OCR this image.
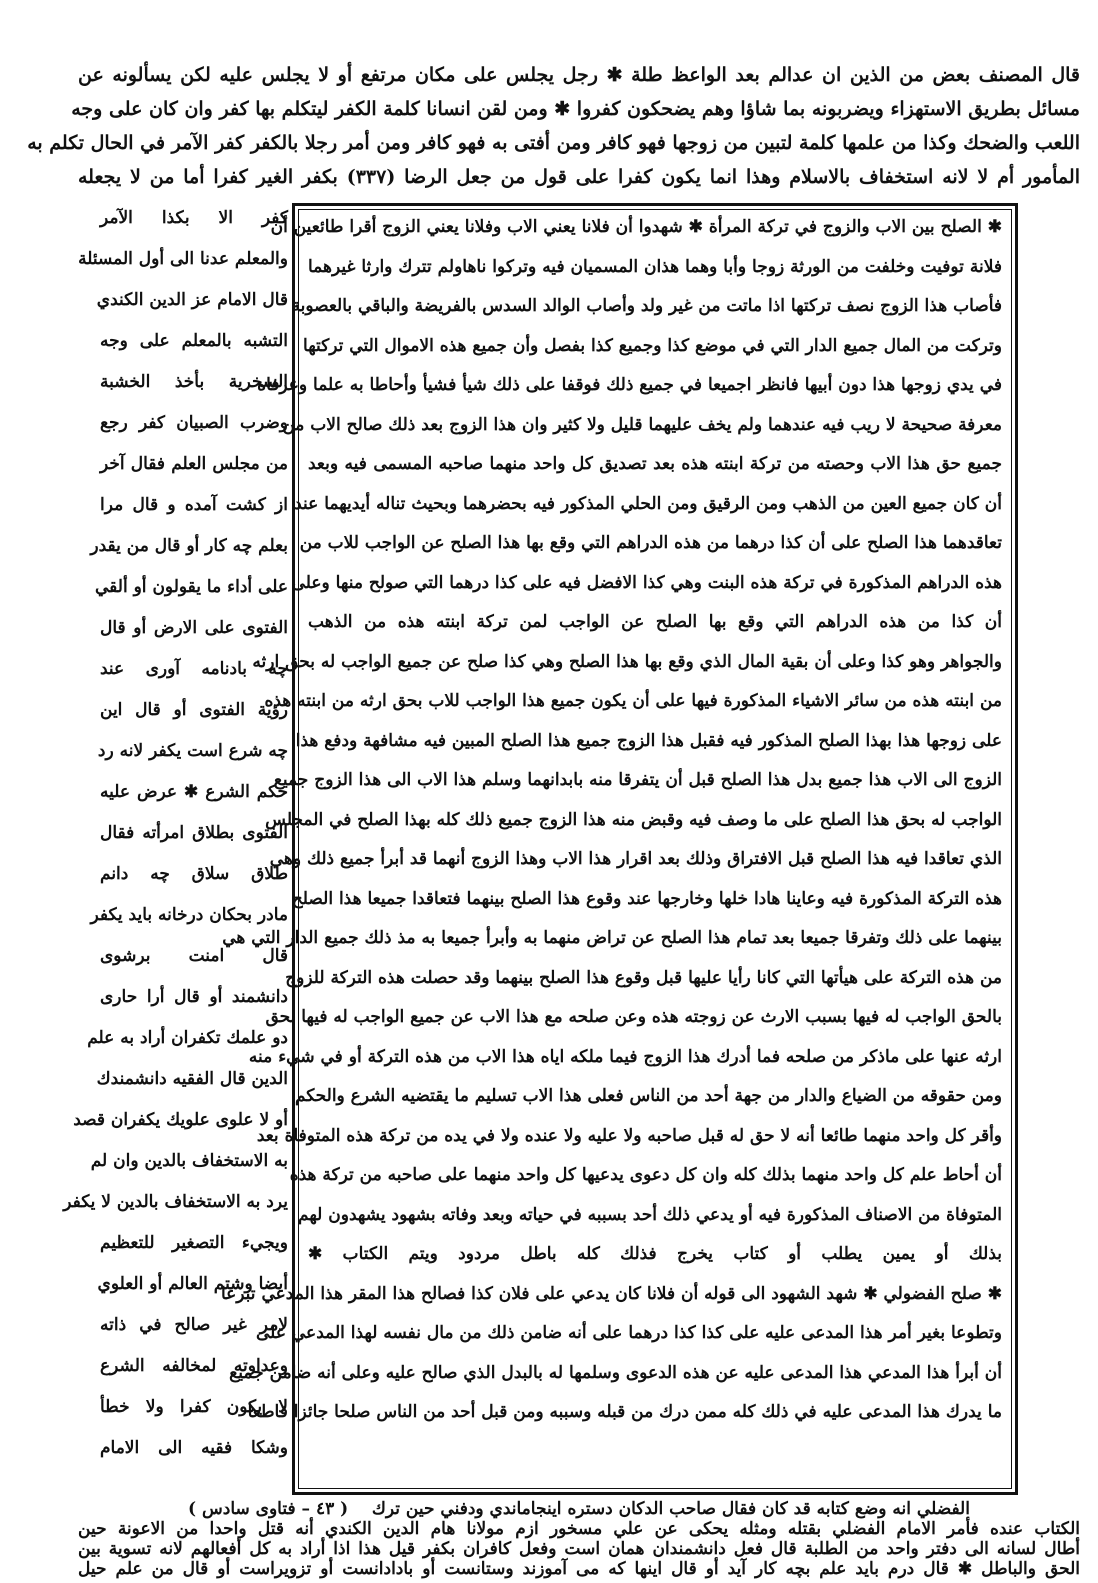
قال المصنف بعض من الذين ان عدالم بعد الواعظ طلة ✱ رجل يجلس على مكان مرتفع أو لا يجلس عليه لكن يسألونه عن
مسائل بطريق الاستهزاء ويضربونه بما شاؤا وهم يضحكون كفروا ✱ ومن لقن انسانا كلمة الكفر ليتكلم بها كفر وان كان على وجه
اللعب والضحك وكذا من علمها كلمة لتبين من زوجها فهو كافر ومن أفتى به فهو كافر ومن أمر رجلا بالكفر كفر الآمر في الحال تكلم به
المأمور أم لا لانه استخفاف بالاسلام وهذا انما يكون كفرا على قول من جعل الرضا (٣٣٧) بكفر الغير كفرا أما من لا يجعله
كفر الا بكذا الآمر
والمعلم عدنا الى أول المسئلة
قال الامام عز الدين الكندي
التشبه بالمعلم على وجه
السخرية بأخذ الخشبة
وضرب الصبيان كفر رجع
من مجلس العلم فقال آخر
از كشت آمده و قال مرا
بعلم چه كار أو قال من يقدر
على أداء ما يقولون أو ألقي
الفتوى على الارض أو قال
چه بادنامه آورى عند
رؤية الفتوى أو قال اين
چه شرع است يكفر لانه رد
حكم الشرع ✱ عرض عليه
الفتوى بطلاق امرأته فقال
طلاق سلاق چه دانم
مادر بحكان درخانه بايد يكفر
قال امنت برشوى
دانشمند أو قال أرا حارى
دو علمك تكفران أراد به علم
الدين قال الفقيه دانشمندك
أو لا علوى علويك يكفران قصد
به الاستخفاف بالدين وان لم
يرد به الاستخفاف بالدين لا يكفر
ويجيء التصغير للتعظيم
أيضا وشتم العالم أو العلوي
لامر غير صالح في ذاته
وعداوته لمخالفه الشرع
لا يكون كفرا ولا خطأ
وشكا فقيه الى الامام
✱ الصلح بين الاب والزوج في تركة المرأة ✱ شهدوا أن فلانا يعني الاب وفلانا يعني الزوج أقرا طائعين أن
فلانة توفيت وخلفت من الورثة زوجا وأبا وهما هذان المسميان فيه وتركوا ناهاولم تترك وارثا غيرهما
فأصاب هذا الزوج نصف تركتها اذا ماتت من غير ولد وأصاب الوالد السدس بالفريضة والباقي بالعصوبة
وتركت من المال جميع الدار التي في موضع كذا وجميع كذا بفصل وأن جميع هذه الاموال التي تركتها
في يدي زوجها هذا دون أبيها فانظر اجميعا في جميع ذلك فوقفا على ذلك شيأ فشيأ وأحاطا به علما وعرفاه
معرفة صحيحة لا ريب فيه عندهما ولم يخف عليهما قليل ولا كثير وان هذا الزوج بعد ذلك صالح الاب من
جميع حق هذا الاب وحصته من تركة ابنته هذه بعد تصديق كل واحد منهما صاحبه المسمى فيه وبعد
أن كان جميع العين من الذهب ومن الرقيق ومن الحلي المذكور فيه بحضرهما وبحيث تناله أيديهما عند
تعاقدهما هذا الصلح على أن كذا درهما من هذه الدراهم التي وقع بها هذا الصلح عن الواجب للاب من
هذه الدراهم المذكورة في تركة هذه البنت وهي كذا الافضل فيه على كذا درهما التي صولح منها وعلى
أن كذا من هذه الدراهم التي وقع بها الصلح عن الواجب لمن تركة ابنته هذه من الذهب
والجواهر وهو كذا وعلى أن بقية المال الذي وقع بها هذا الصلح وهي كذا صلح عن جميع الواجب له بحق ارثه
من ابنته هذه من سائر الاشياء المذكورة فيها على أن يكون جميع هذا الواجب للاب بحق ارثه من ابنته هذه
على زوجها هذا بهذا الصلح المذكور فيه فقبل هذا الزوج جميع هذا الصلح المبين فيه مشافهة ودفع هذا
الزوج الى الاب هذا جميع بدل هذا الصلح قبل أن يتفرقا منه بابدانهما وسلم هذا الاب الى هذا الزوج جميع
الواجب له بحق هذا الصلح على ما وصف فيه وقبض منه هذا الزوج جميع ذلك كله بهذا الصلح في المجلس
الذي تعاقدا فيه هذا الصلح قبل الافتراق وذلك بعد اقرار هذا الاب وهذا الزوج أنهما قد أبرأ جميع ذلك وهي
هذه التركة المذكورة فيه وعاينا هادا خلها وخارجها عند وقوع هذا الصلح بينهما فتعاقدا جميعا هذا الصلح
بينهما على ذلك وتفرقا جميعا بعد تمام هذا الصلح عن تراض منهما به وأبرأ جميعا به مذ ذلك جميع الدار التي هي
من هذه التركة على هيأتها التي كانا رأيا عليها قبل وقوع هذا الصلح بينهما وقد حصلت هذه التركة للزوج
بالحق الواجب له فيها بسبب الارث عن زوجته هذه وعن صلحه مع هذا الاب عن جميع الواجب له فيها بحق
ارثه عنها على ماذكر من صلحه فما أدرك هذا الزوج فيما ملكه اياه هذا الاب من هذه التركة أو في شيء منه
ومن حقوقه من الضياع والدار من جهة أحد من الناس فعلى هذا الاب تسليم ما يقتضيه الشرع والحكم
وأقر كل واحد منهما طائعا أنه لا حق له قبل صاحبه ولا عليه ولا عنده ولا في يده من تركة هذه المتوفاة بعد
أن أحاط علم كل واحد منهما بذلك كله وان كل دعوى يدعيها كل واحد منهما على صاحبه من تركة هذه
المتوفاة من الاصناف المذكورة فيه أو يدعي ذلك أحد بسببه في حياته وبعد وفاته بشهود يشهدون لهم
بذلك أو يمين يطلب أو كتاب يخرج فذلك كله باطل مردود ويتم الكتاب ✱
✱ صلح الفضولي ✱ شهد الشهود الى قوله أن فلانا كان يدعي على فلان كذا فصالح هذا المقر هذا المدعي تبرعا
وتطوعا بغير أمر هذا المدعى عليه على كذا كذا درهما على أنه ضامن ذلك من مال نفسه لهذا المدعي على
أن أبرأ هذا المدعي هذا المدعى عليه عن هذه الدعوى وسلمها له بالبدل الذي صالح عليه وعلى أنه ضامن جميع
ما يدرك هذا المدعى عليه في ذلك كله ممن درك من قبله وسببه ومن قبل أحد من الناس صلحا جائزا قاطعا
الفضلي انه وضع كتابه قد كان فقال صاحب الدكان دستره اينجاماندي ودفني حين ترك    ( ٤٣ – فتاوى سادس )
الكتاب عنده فأمر الامام الفضلي بقتله ومثله يحكى عن علي مسخور ازم مولانا هام الدين الكندي أنه قتل واحدا من الاعونة حين
أطال لسانه الى دفتر واحد من الطلبة قال فعل دانشمندان همان است وفعل كافران بكفر قيل هذا اذا أراد به كل أفعالهم لانه تسوية بين
الحق والباطل ✱ قال درم بايد علم بچه كار آيد أو قال اينها كه مى آموزند وستانست أو بادادانست أو تزويراست أو قال من علم حيل
